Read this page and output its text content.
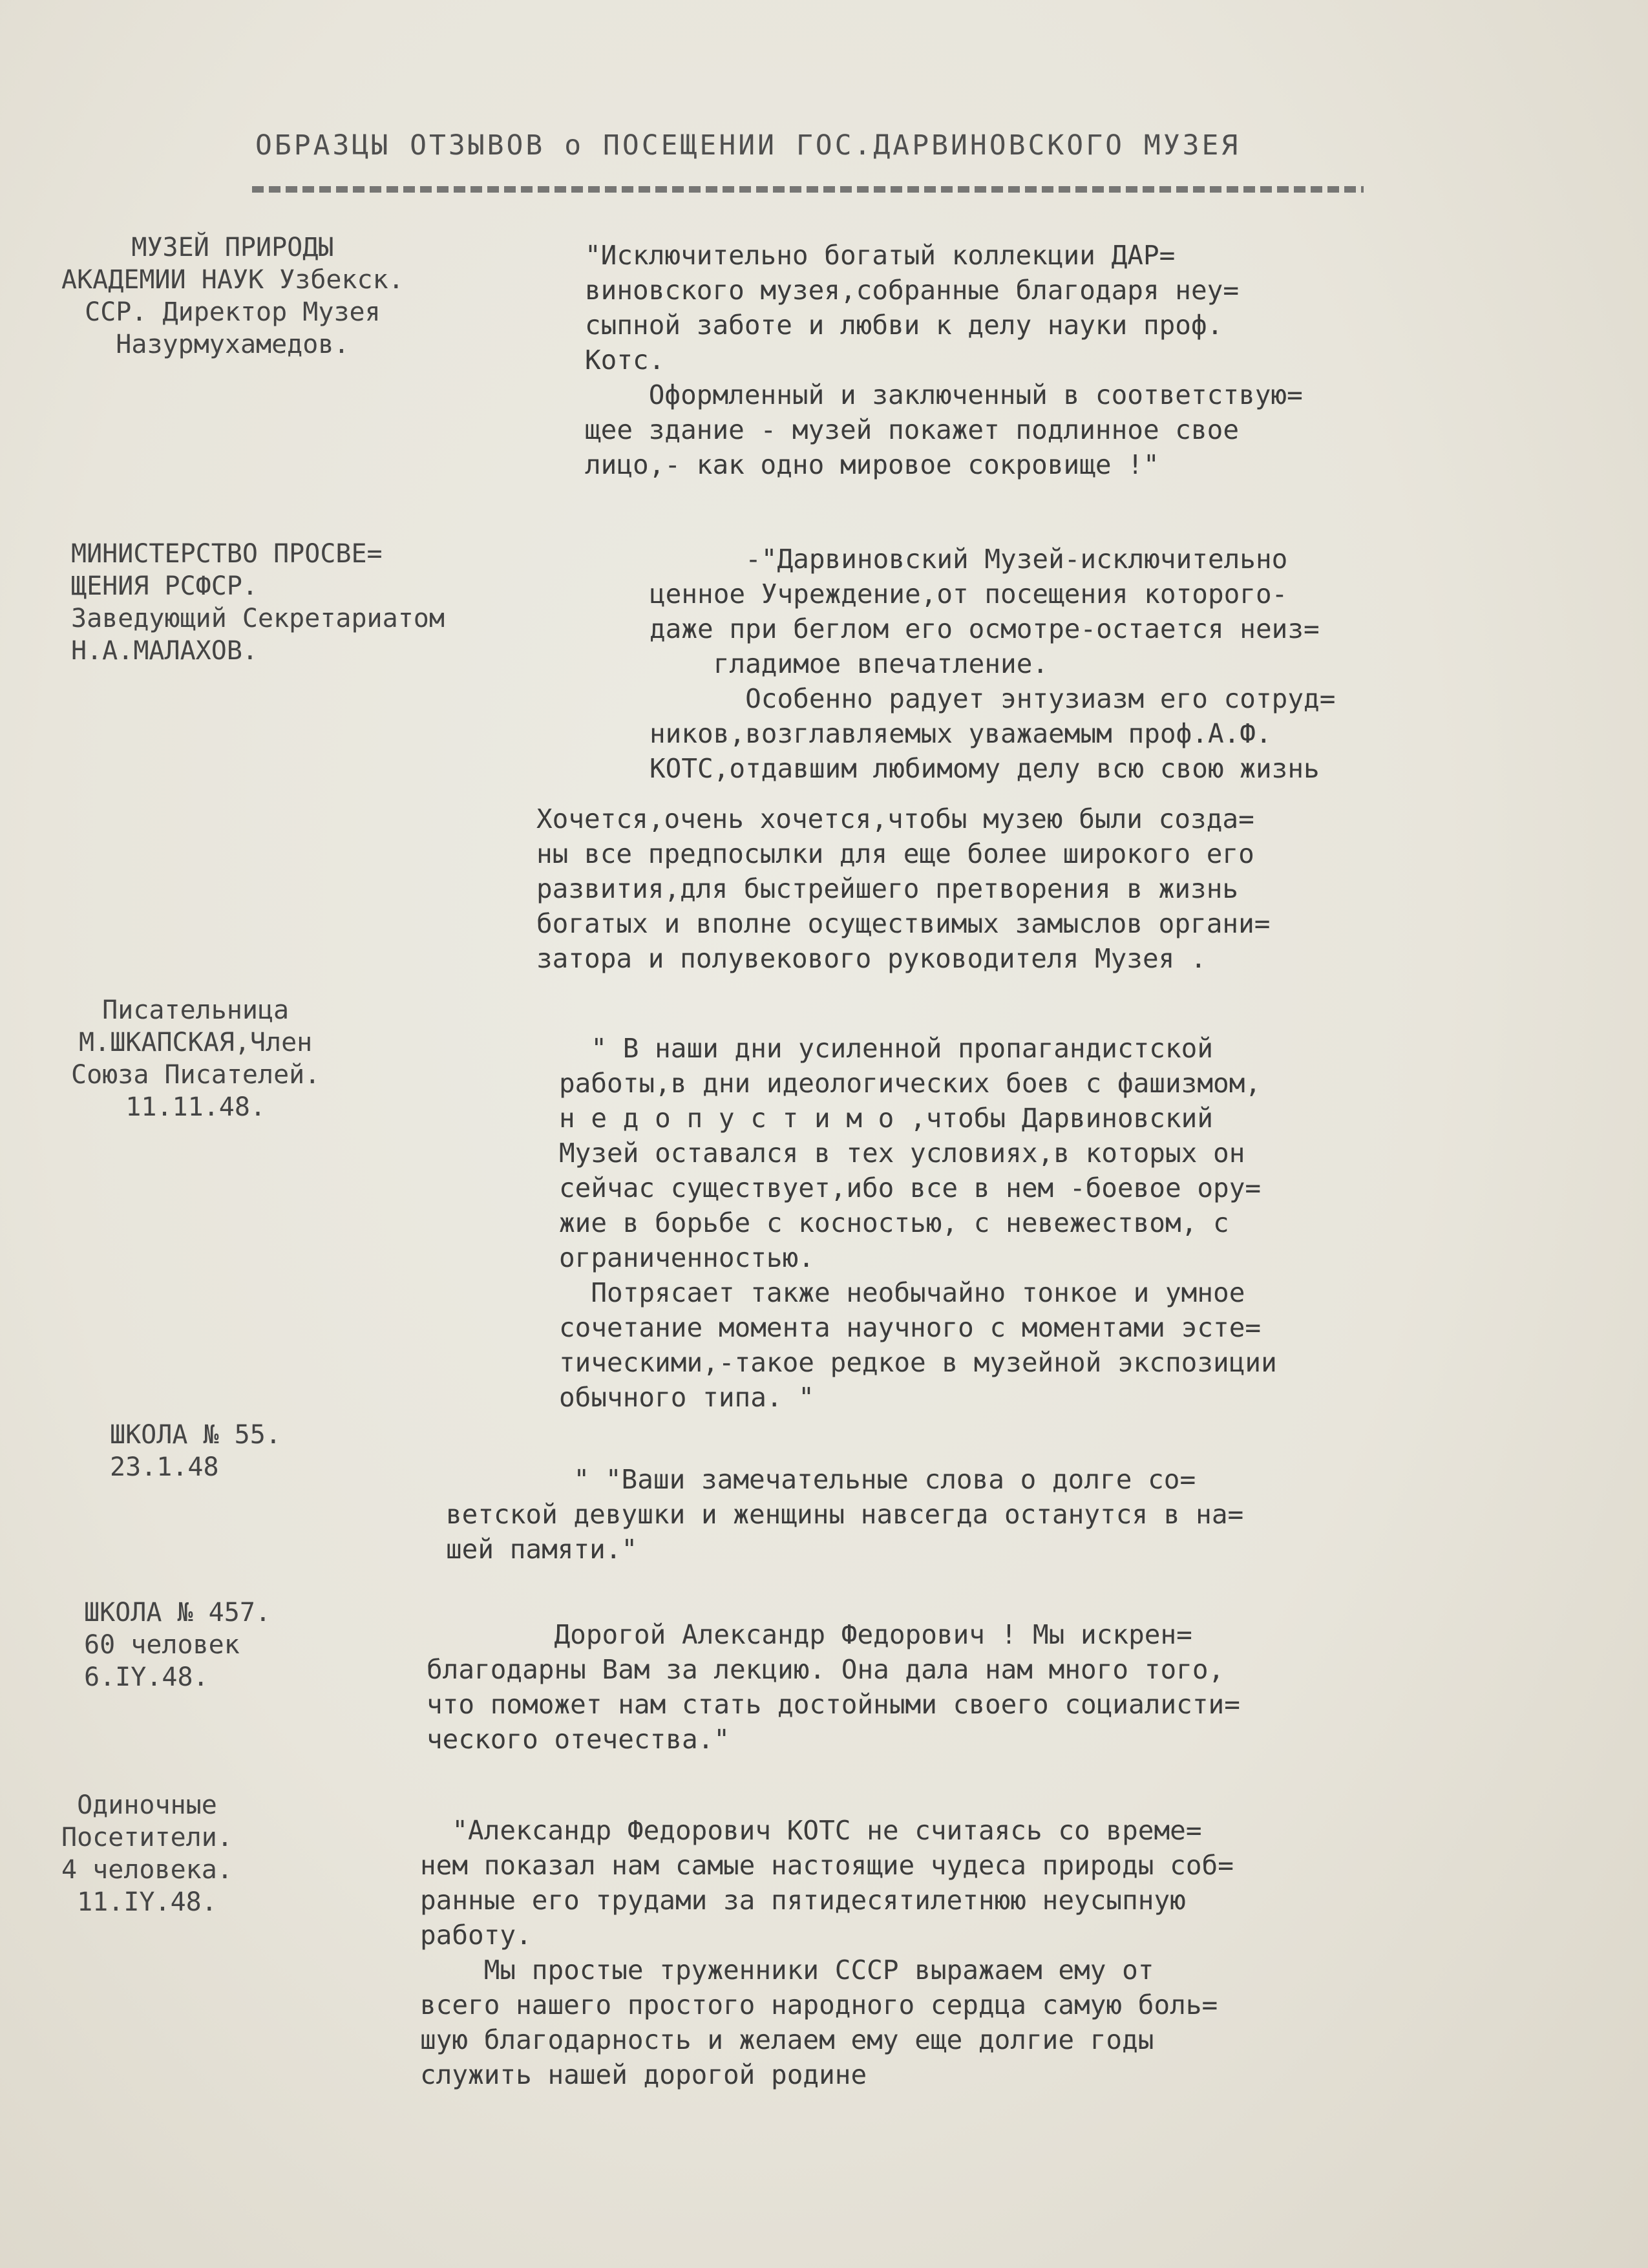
ОБРАЗЦЫ ОТЗЫВОВ о ПОСЕЩЕНИИ ГОС.ДАРВИНОВСКОГО МУЗЕЯ
МУЗЕЙ ПРИРОДЫ
АКАДЕМИИ НАУК Узбекск.
ССР. Директор Музея
Назурмухамедов.
"Исключительно богатый коллекции ДАР=
виновского музея,собранные благодаря неу=
сыпной заботе и любви к делу науки проф.
Котс.
Оформленный и заключенный в соответствую=
щее здание - музей покажет подлинное свое
лицо,- как одно мировое сокровище !"
МИНИСТЕРСТВО ПРОСВЕ=
ЩЕНИЯ РСФСР.
Заведующий Секретариатом
Н.А.МАЛАХОВ.
-"Дарвиновский Музей-исключительно
ценное Учреждение,от посещения которого-
даже при беглом его осмотре-остается неиз=
гладимое впечатление.
Особенно радует энтузиазм его сотруд=
ников,возглавляемых уважаемым проф.А.Ф.
КОТС,отдавшим любимому делу всю свою жизнь
Хочется,очень хочется,чтобы музею были созда=
ны все предпосылки для еще более широкого его
развития,для быстрейшего претворения в жизнь
богатых и вполне осуществимых замыслов органи=
затора и полувекового руководителя Музея .
Писательница
М.ШКАПСКАЯ,Член
Союза Писателей.
11.11.48.
" В наши дни усиленной пропагандистской
работы,в дни идеологических боев с фашизмом,
н е д о п у с т и м о ,чтобы Дарвиновский
Музей оставался в тех условиях,в которых он
сейчас существует,ибо все в нем -боевое ору=
жие в борьбе с косностью, с невежеством, с
ограниченностью.
Потрясает также необычайно тонкое и умное
сочетание момента научного с моментами эсте=
тическими,-такое редкое в музейной экспозиции
обычного типа. "
ШКОЛА № 55.
23.1.48	" "Ваши замечательные слова о долге со=
ветской девушки и женщины навсегда останутся в на=
шей памяти."
ШКОЛА № 457.
60 человек
6.IY.48.
Дорогой Александр Федорович ! Мы искрен=
благодарны Вам за лекцию. Она дала нам много того,
что поможет нам стать достойными своего социалисти=
ческого отечества."
Одиночные
Посетители.
4 человека.
11.IY.48.
"Александр Федорович КОТС не считаясь со време=
нем показал нам самые настоящие чудеса природы соб=
ранные его трудами за пятидесятилетнюю неусыпную
работу.
Мы простые труженники СССР выражаем ему от
всего нашего простого народного сердца самую боль=
шую благодарность и желаем ему еще долгие годы
служить нашей дорогой родине
